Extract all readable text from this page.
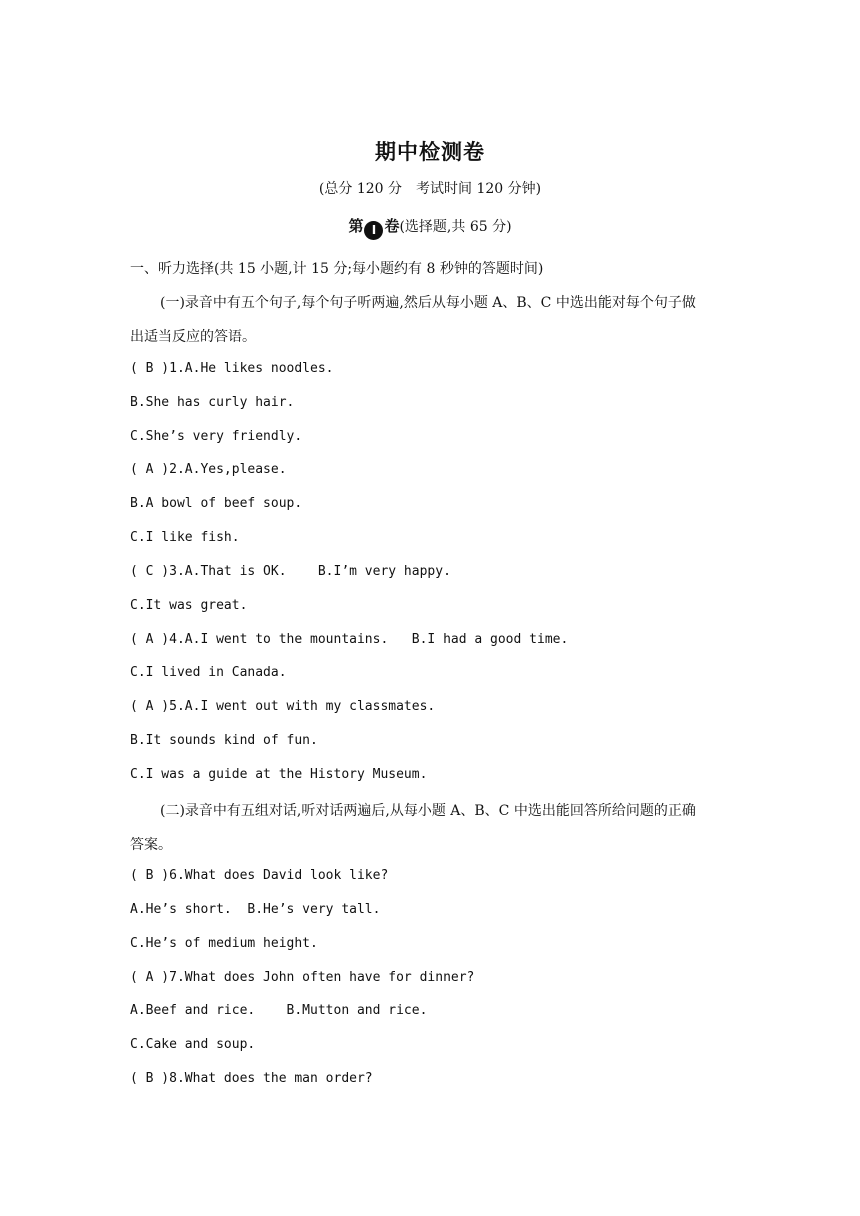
期中检测卷
(总分 120 分　考试时间 120 分钟)
第 Ⅰ 卷(选择题,共 65 分)
一、听力选择(共 15 小题,计 15 分;每小题约有 8 秒钟的答题时间)
(一)录音中有五个句子,每个句子听两遍,然后从每小题 A、B、C 中选出能对每个句子做
出适当反应的答语。
( B )1.A.He likes noodles.
B.She has curly hair.
C.She’s very friendly.
( A )2.A.Yes,please.
B.A bowl of beef soup.
C.I like fish.
( C )3.A.That is OK.    B.I’m very happy.
C.It was great.
( A )4.A.I went to the mountains.   B.I had a good time.
C.I lived in Canada.
( A )5.A.I went out with my classmates.
B.It sounds kind of fun.
C.I was a guide at the History Museum.
(二)录音中有五组对话,听对话两遍后,从每小题 A、B、C 中选出能回答所给问题的正确
答案。
( B )6.What does David look like?
A.He’s short.  B.He’s very tall.
C.He’s of medium height.
( A )7.What does John often have for dinner?
A.Beef and rice.    B.Mutton and rice.
C.Cake and soup.
( B )8.What does the man order?
